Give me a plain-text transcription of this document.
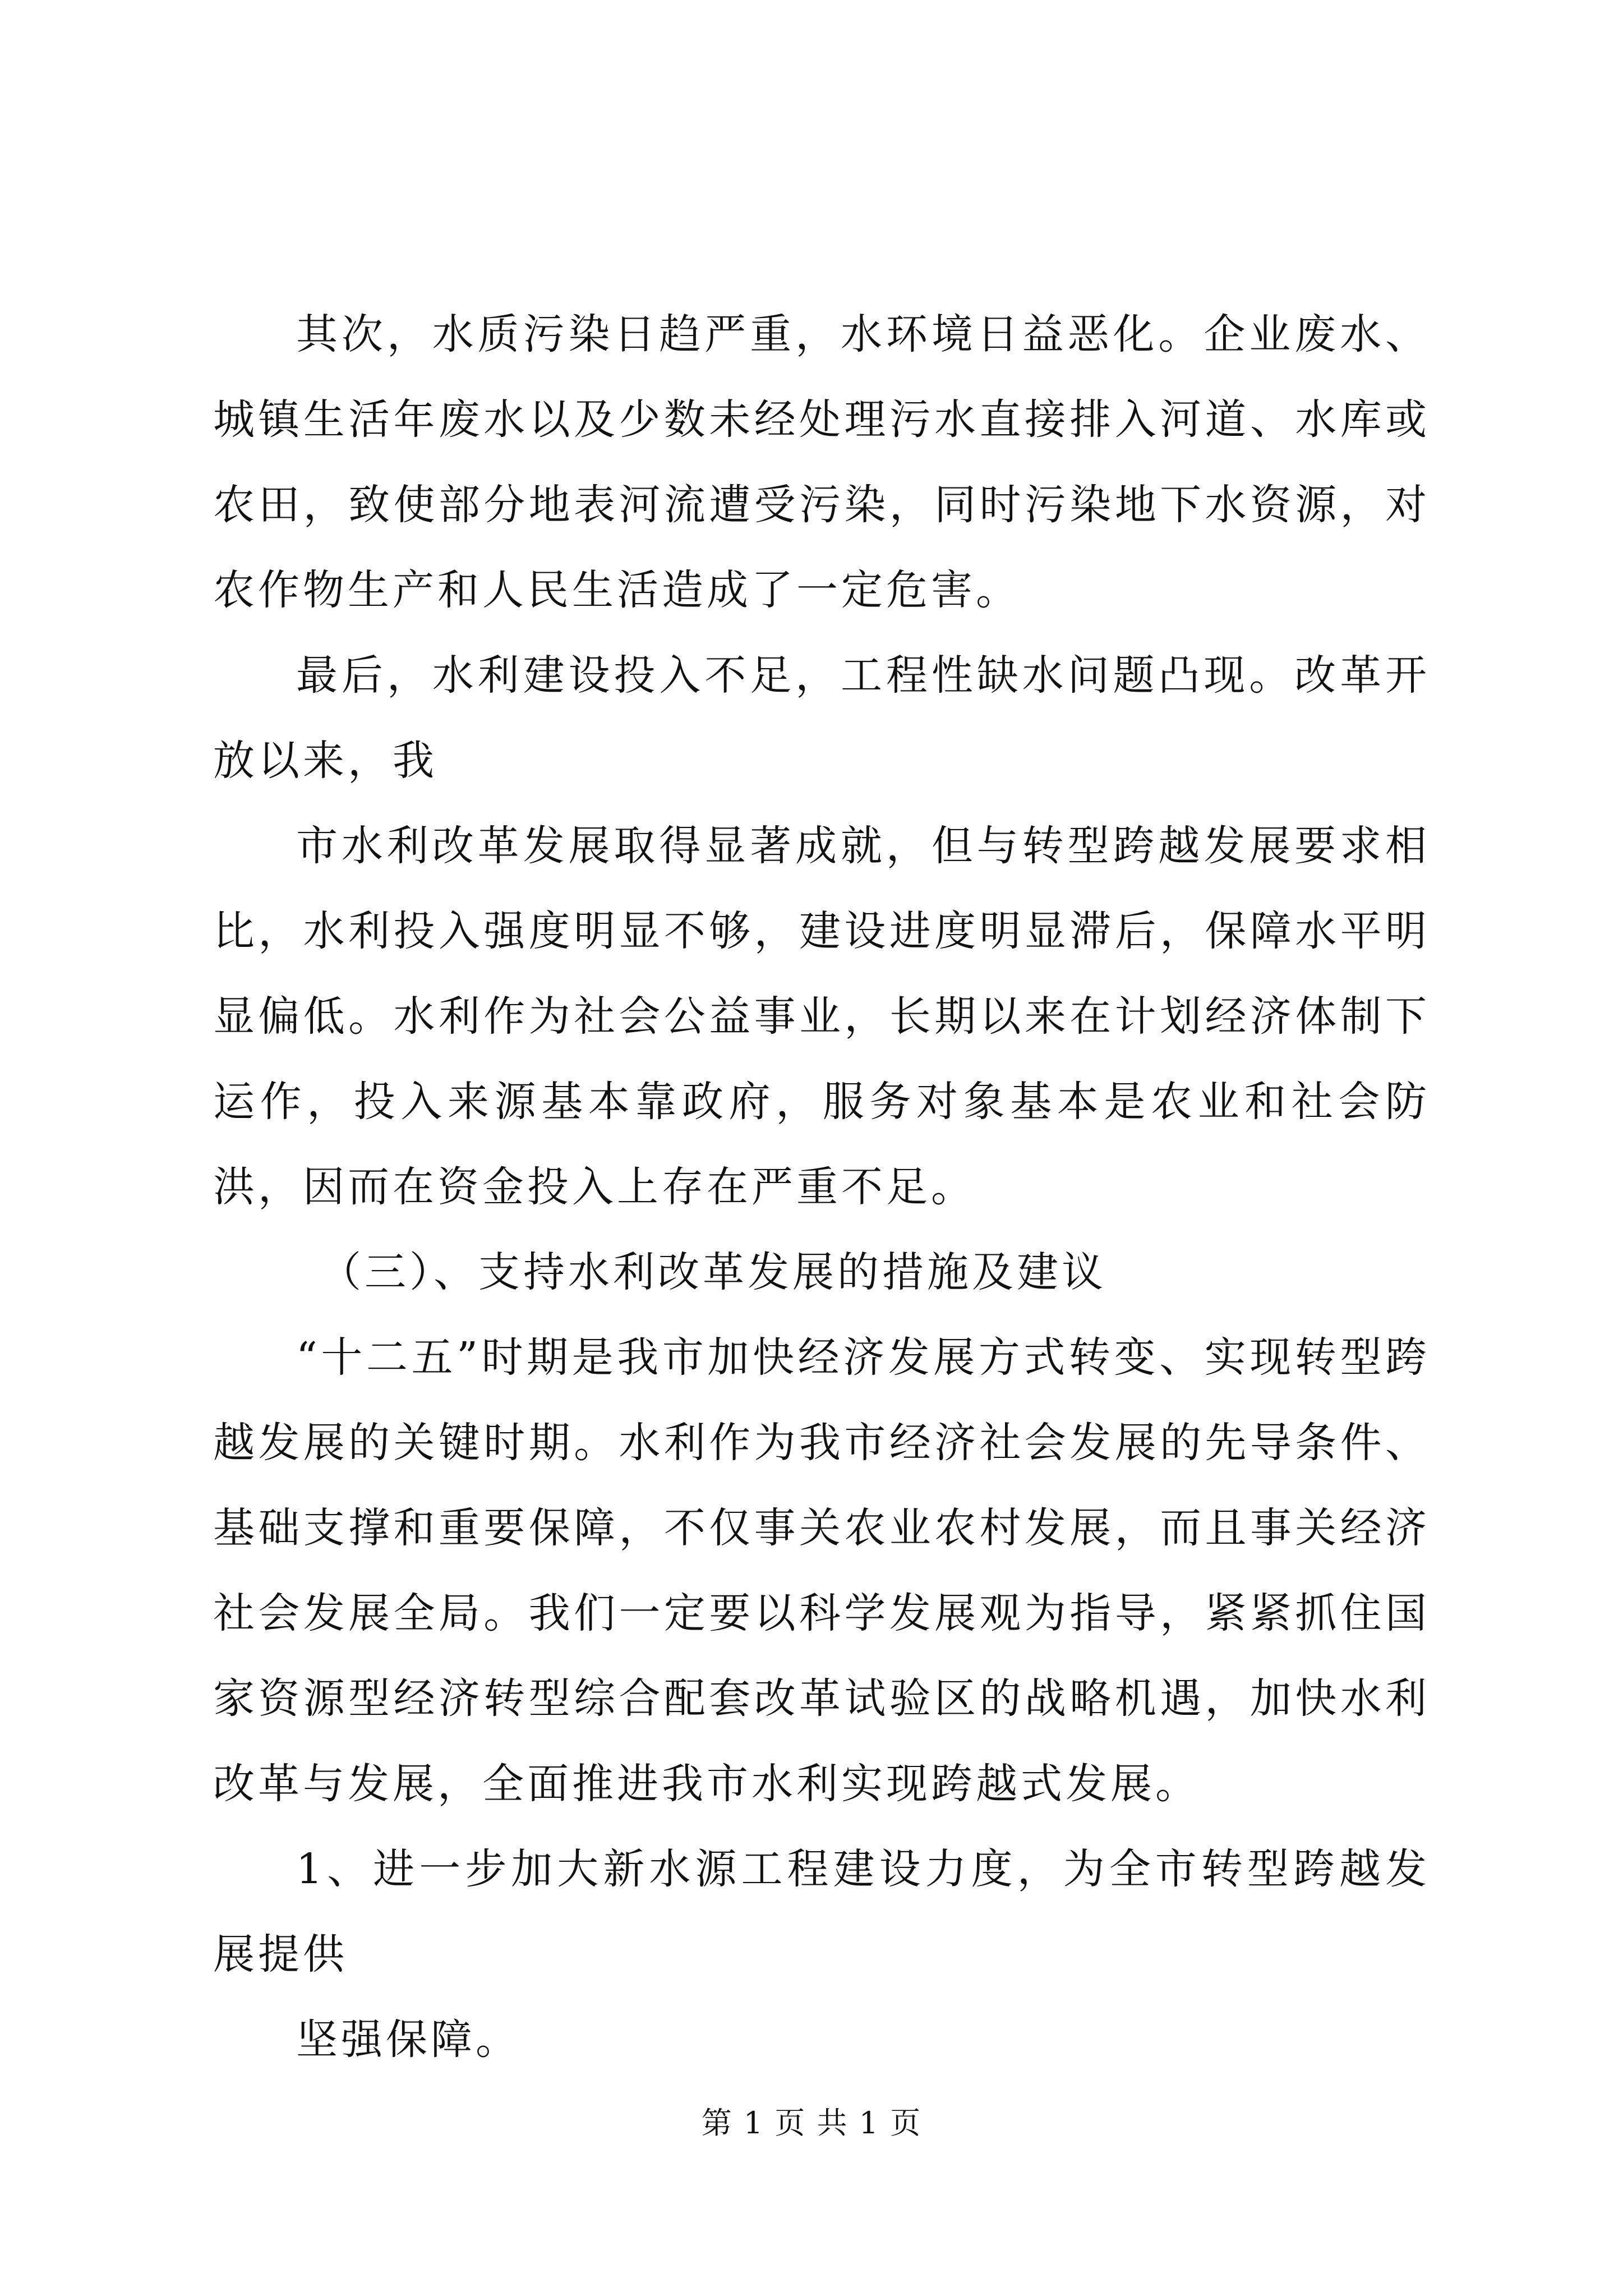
其次，水质污染日趋严重，水环境日益恶化。企业废水、城镇生活年废水以及少数未经处理污水直接排入河道、水库或农田，致使部分地表河流遭受污染，同时污染地下水资源，对农作物生产和人民生活造成了一定危害。

最后，水利建设投入不足，工程性缺水问题凸现。改革开放以来，我

市水利改革发展取得显著成就，但与转型跨越发展要求相比，水利投入强度明显不够，建设进度明显滞后，保障水平明显偏低。水利作为社会公益事业，长期以来在计划经济体制下运作，投入来源基本靠政府，服务对象基本是农业和社会防洪，因而在资金投入上存在严重不足。

（三）、支持水利改革发展的措施及建议

“十二五”时期是我市加快经济发展方式转变、实现转型跨越发展的关键时期。水利作为我市经济社会发展的先导条件、基础支撑和重要保障，不仅事关农业农村发展，而且事关经济社会发展全局。我们一定要以科学发展观为指导，紧紧抓住国家资源型经济转型综合配套改革试验区的战略机遇，加快水利改革与发展，全面推进我市水利实现跨越式发展。

1、进一步加大新水源工程建设力度，为全市转型跨越发展提供

坚强保障。

第 1 页 共 1 页
